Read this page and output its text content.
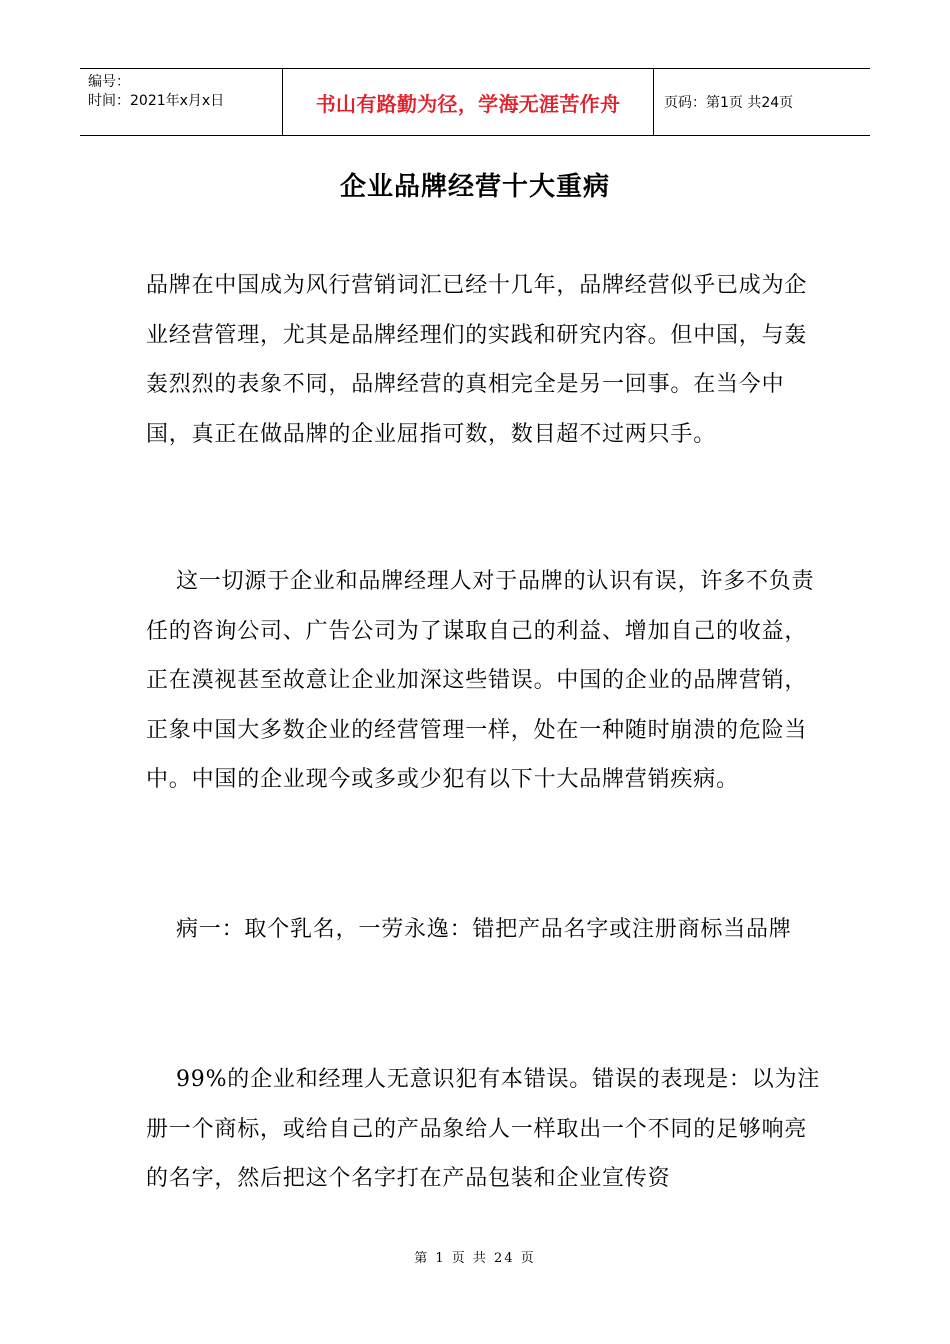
编号：
时间：2021年x月x日	书山有路勤为径，学海无涯苦作舟	页码：第1页 共24页
企业品牌经营十大重病

品牌在中国成为风行营销词汇已经十几年，品牌经营似乎已成为企业经营管理，尤其是品牌经理们的实践和研究内容。但中国，与轰轰烈烈的表象不同，品牌经营的真相完全是另一回事。在当今中国，真正在做品牌的企业屈指可数，数目超不过两只手。

这一切源于企业和品牌经理人对于品牌的认识有误，许多不负责任的咨询公司、广告公司为了谋取自己的利益、增加自己的收益，正在漠视甚至故意让企业加深这些错误。中国的企业的品牌营销，正象中国大多数企业的经营管理一样，处在一种随时崩溃的危险当中。中国的企业现今或多或少犯有以下十大品牌营销疾病。

病一：取个乳名，一劳永逸：错把产品名字或注册商标当品牌

99%的企业和经理人无意识犯有本错误。错误的表现是：以为注册一个商标，或给自己的产品象给人一样取出一个不同的足够响亮的名字，然后把这个名字打在产品包装和企业宣传资

第 1 页 共 24 页
